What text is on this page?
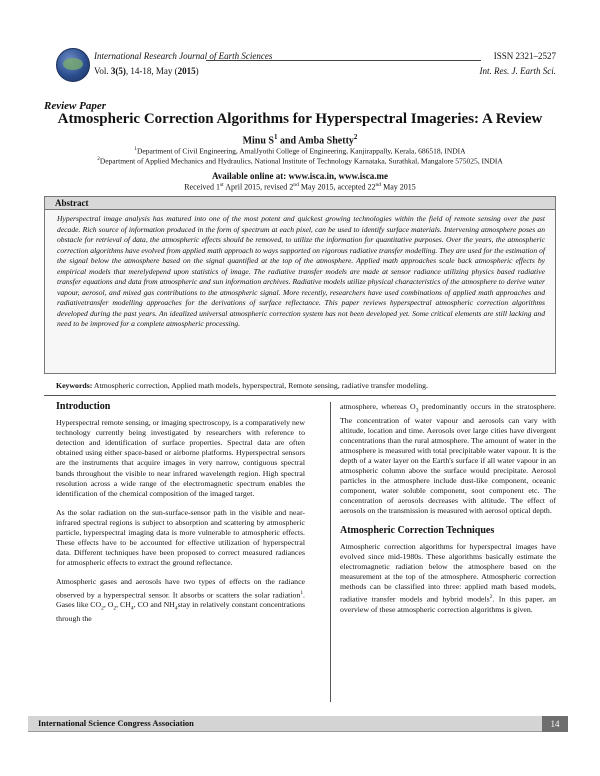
International Research Journal of Earth Sciences	ISSN 2321–2527
Vol. 3(5), 14-18, May (2015)	Int. Res. J. Earth Sci.
Review Paper
Atmospheric Correction Algorithms for Hyperspectral Imageries: A Review
Minu $S^1$ and Amba Shetty$^2$
$^1$Department of Civil Engineering, AmalJyothi College of Engineering, Kanjirappally, Kerala, 686518, INDIA
$^2$Department of Applied Mechanics and Hydraulics, National Institute of Technology Karnataka, Surathkal, Mangalore 575025, INDIA
Available online at: www.isca.in, www.isca.me
Received 1st April 2015, revised 2nd May 2015, accepted 22nd May 2015
Abstract
Hyperspectral image analysis has matured into one of the most potent and quickest growing technologies within the field of remote sensing over the past decade. Rich source of information produced in the form of spectrum at each pixel, can be used to identify surface materials. Intervening atmosphere poses an obstacle for retrieval of data, the atmospheric effects should be removed, to utilize the information for quantitative purposes. Over the years, the atmospheric correction algorithms have evolved from applied math approach to ways supported on rigorous radiative transfer modelling. They are used for the estimation of the signal below the atmosphere based on the signal quantified at the top of the atmosphere. Applied math approaches scale back atmospheric effects by empirical models that merelydepend upon statistics of image. The radiative transfer models are made at sensor radiance utilizing physics based radiative transfer equations and data from atmospheric and sun information archives. Radiative models utilize physical characteristics of the atmosphere to derive water vapour, aerosol, and mixed gas contributions to the atmospheric signal. More recently, researchers have used combinations of applied math approaches and radiativetransfer modelling approaches for the derivations of surface reflectance. This paper reviews hyperspectral atmospheric correction algorithms developed during the past years. An idealized universal atmospheric correction system has not been developed yet. Some critical elements are still lacking and need to be improved for a complete atmospheric processing.
Keywords: Atmospheric correction, Applied math models, hyperspectral, Remote sensing, radiative transfer modeling.
Introduction
Hyperspectral remote sensing, or imaging spectroscopy, is a comparatively new technology currently being investigated by researchers with reference to detection and identification of surface properties. Spectral data are often obtained using either space-based or airborne platforms. Hyperspectral sensors are the instruments that acquire images in very narrow, contiguous spectral bands throughout the visible to near infrared wavelength region. High spectral resolution across a wide range of the electromagnetic spectrum enables the identification of the chemical composition of the imaged target.
As the solar radiation on the sun-surface-sensor path in the visible and near-infrared spectral regions is subject to absorption and scattering by atmospheric particle, hyperspectral imaging data is more vulnerable to atmospheric effects. These effects have to be accounted for effective utilization of hyperspectral data. Different techniques have been proposed to correct measured radiances for atmospheric effects to extract the ground reflectance.
Atmospheric gases and aerosols have two types of effects on the radiance observed by a hyperspectral sensor. It absorbs or scatters the solar radiation$^1$. Gases like $CO_2$, $O_2$, $CH_4$, CO and $NH_4stay$ in relatively constant concentrations through the
atmosphere, whereas $O_3$ predominantly occurs in the stratosphere. The concentration of water vapour and aerosols can vary with altitude, location and time. Aerosols over large cities have divergent concentrations than the rural atmosphere. The amount of water in the atmosphere is measured with total precipitable water vapour. It is the depth of a water layer on the Earth's surface if all water vapour in an atmospheric column above the surface would precipitate. Aerosol particles in the atmosphere include dust-like component, oceanic component, water soluble component, soot component etc. The concentration of aerosols decreases with altitude. The effect of aerosols on the transmission is measured with aerosol optical depth.
Atmospheric Correction Techniques
Atmospheric correction algorithms for hyperspectral images have evolved since mid-1980s. These algorithms basically estimate the electromagnetic radiation below the atmosphere based on the measurement at the top of the atmosphere. Atmospheric correction methods can be classified into three: applied math based models, radiative transfer models and hybrid models$^2$. In this paper, an overview of these atmospheric correction algorithms is given.
International Science Congress Association	14
